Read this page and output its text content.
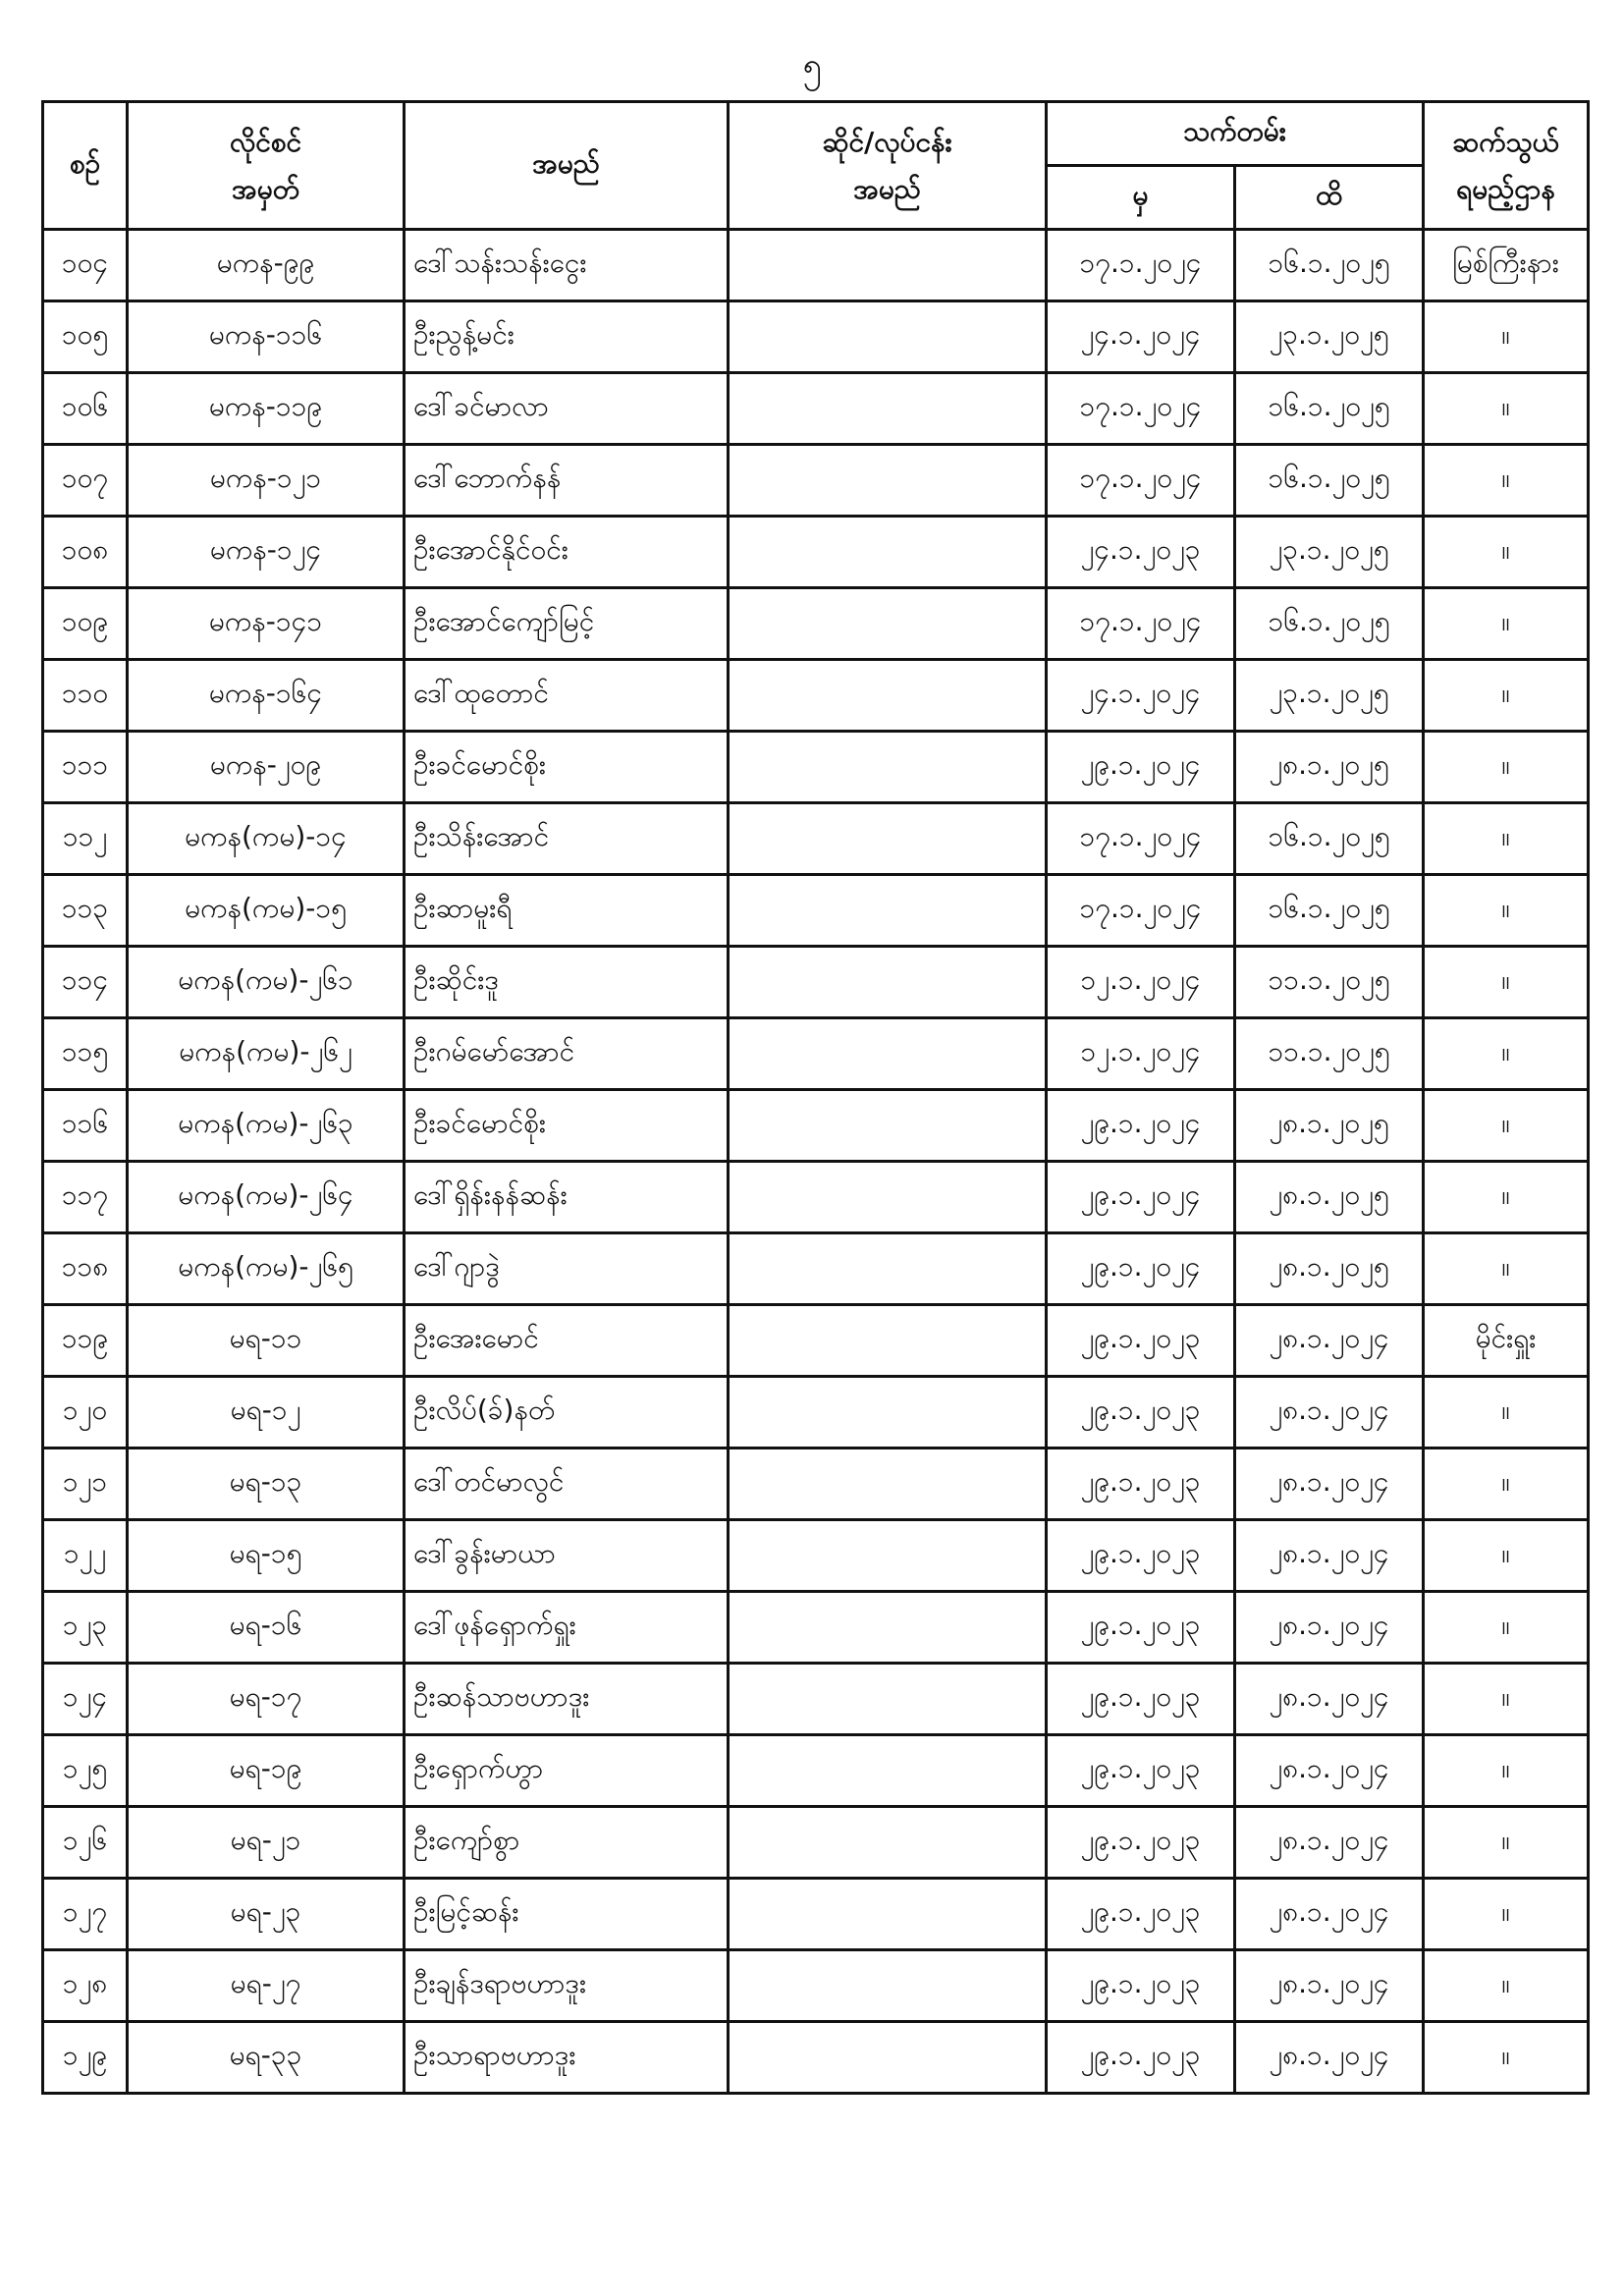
၅
စဉ်	လိုင်စင်
အမှတ်	အမည်	ဆိုင်/လုပ်ငန်း
အမည်	သက်တမ်း		ဆက်သွယ်
ရမည့်ဌာန

				မှ	ထိ	
၁၀၄	မကန-၉၉	ဒေါ်သန်းသန်းငွေး		၁၇.၁.၂၀၂၄	၁၆.၁.၂၀၂၅	မြစ်ကြီးနား
၁၀၅	မကန-၁၁၆	ဦးညွန့်မင်း		၂၄.၁.၂၀၂၄	၂၃.၁.၂၀၂၅	။
၁၀၆	မကန-၁၁၉	ဒေါ်ခင်မာလာ		၁၇.၁.၂၀၂၄	၁၆.၁.၂၀၂၅	။
၁၀၇	မကန-၁၂၁	ဒေါ်ဘောက်နန်		၁၇.၁.၂၀၂၄	၁၆.၁.၂၀၂၅	။
၁၀၈	မကန-၁၂၄	ဦးအောင်နိုင်ဝင်း		၂၄.၁.၂၀၂၃	၂၃.၁.၂၀၂၅	။
၁၀၉	မကန-၁၄၁	ဦးအောင်ကျော်မြင့်		၁၇.၁.၂၀၂၄	၁၆.၁.၂၀၂၅	။
၁၁၀	မကန-၁၆၄	ဒေါ်ထုတောင်		၂၄.၁.၂၀၂၄	၂၃.၁.၂၀၂၅	။
၁၁၁	မကန-၂၀၉	ဦးခင်မောင်စိုး		၂၉.၁.၂၀၂၄	၂၈.၁.၂၀၂၅	။
၁၁၂	မကန(ကမ)-၁၄	ဦးသိန်းအောင်		၁၇.၁.၂၀၂၄	၁၆.၁.၂၀၂၅	။
၁၁၃	မကန(ကမ)-၁၅	ဦးဆာမူးရီ		၁၇.၁.၂၀၂၄	၁၆.၁.၂၀၂၅	။
၁၁၄	မကန(ကမ)-၂၆၁	ဦးဆိုင်းဒူ		၁၂.၁.၂၀၂၄	၁၁.၁.၂၀၂၅	။
၁၁၅	မကန(ကမ)-၂၆၂	ဦးဂမ်မော်အောင်		၁၂.၁.၂၀၂၄	၁၁.၁.၂၀၂၅	။
၁၁၆	မကန(ကမ)-၂၆၃	ဦးခင်မောင်စိုး		၂၉.၁.၂၀၂၄	၂၈.၁.၂၀၂၅	။
၁၁၇	မကန(ကမ)-၂၆၄	ဒေါ်ရှိန်းနန်ဆန်း		၂၉.၁.၂၀၂၄	၂၈.၁.၂၀၂၅	။
၁၁၈	မကန(ကမ)-၂၆၅	ဒေါ်ဂျာဒွဲ		၂၉.၁.၂၀၂၄	၂၈.၁.၂၀၂၅	။
၁၁၉	မရ-၁၁	ဦးအေးမောင်		၂၉.၁.၂၀၂၃	၂၈.၁.၂၀၂၄	မိုင်းရှူး
၁၂၀	မရ-၁၂	ဦးလိပ်(ခ်)နတ်		၂၉.၁.၂၀၂၃	၂၈.၁.၂၀၂၄	။
၁၂၁	မရ-၁၃	ဒေါ်တင်မာလွင်		၂၉.၁.၂၀၂၃	၂၈.၁.၂၀၂၄	။
၁၂၂	မရ-၁၅	ဒေါ်ခွန်းမာယာ		၂၉.၁.၂၀၂၃	၂၈.၁.၂၀၂၄	။
၁၂၃	မရ-၁၆	ဒေါ်ဖုန်ရှောက်ရှူး		၂၉.၁.၂၀၂၃	၂၈.၁.၂၀၂၄	။
၁၂၄	မရ-၁၇	ဦးဆန်သာဗဟာဒူး		၂၉.၁.၂၀၂၃	၂၈.၁.၂၀၂၄	။
၁၂၅	မရ-၁၉	ဦးရှောက်ဟွာ		၂၉.၁.၂၀၂၃	၂၈.၁.၂၀၂၄	။
၁၂၆	မရ-၂၁	ဦးကျော်စွာ		၂၉.၁.၂၀၂၃	၂၈.၁.၂၀၂၄	။
၁၂၇	မရ-၂၃	ဦးမြင့်ဆန်း		၂၉.၁.၂၀၂၃	၂၈.၁.၂၀၂၄	။
၁၂၈	မရ-၂၇	ဦးချန်ဒရာဗဟာဒူး		၂၉.၁.၂၀၂၃	၂၈.၁.၂၀၂၄	။
၁၂၉	မရ-၃၃	ဦးသာရာဗဟာဒူး		၂၉.၁.၂၀၂၃	၂၈.၁.၂၀၂၄	။
